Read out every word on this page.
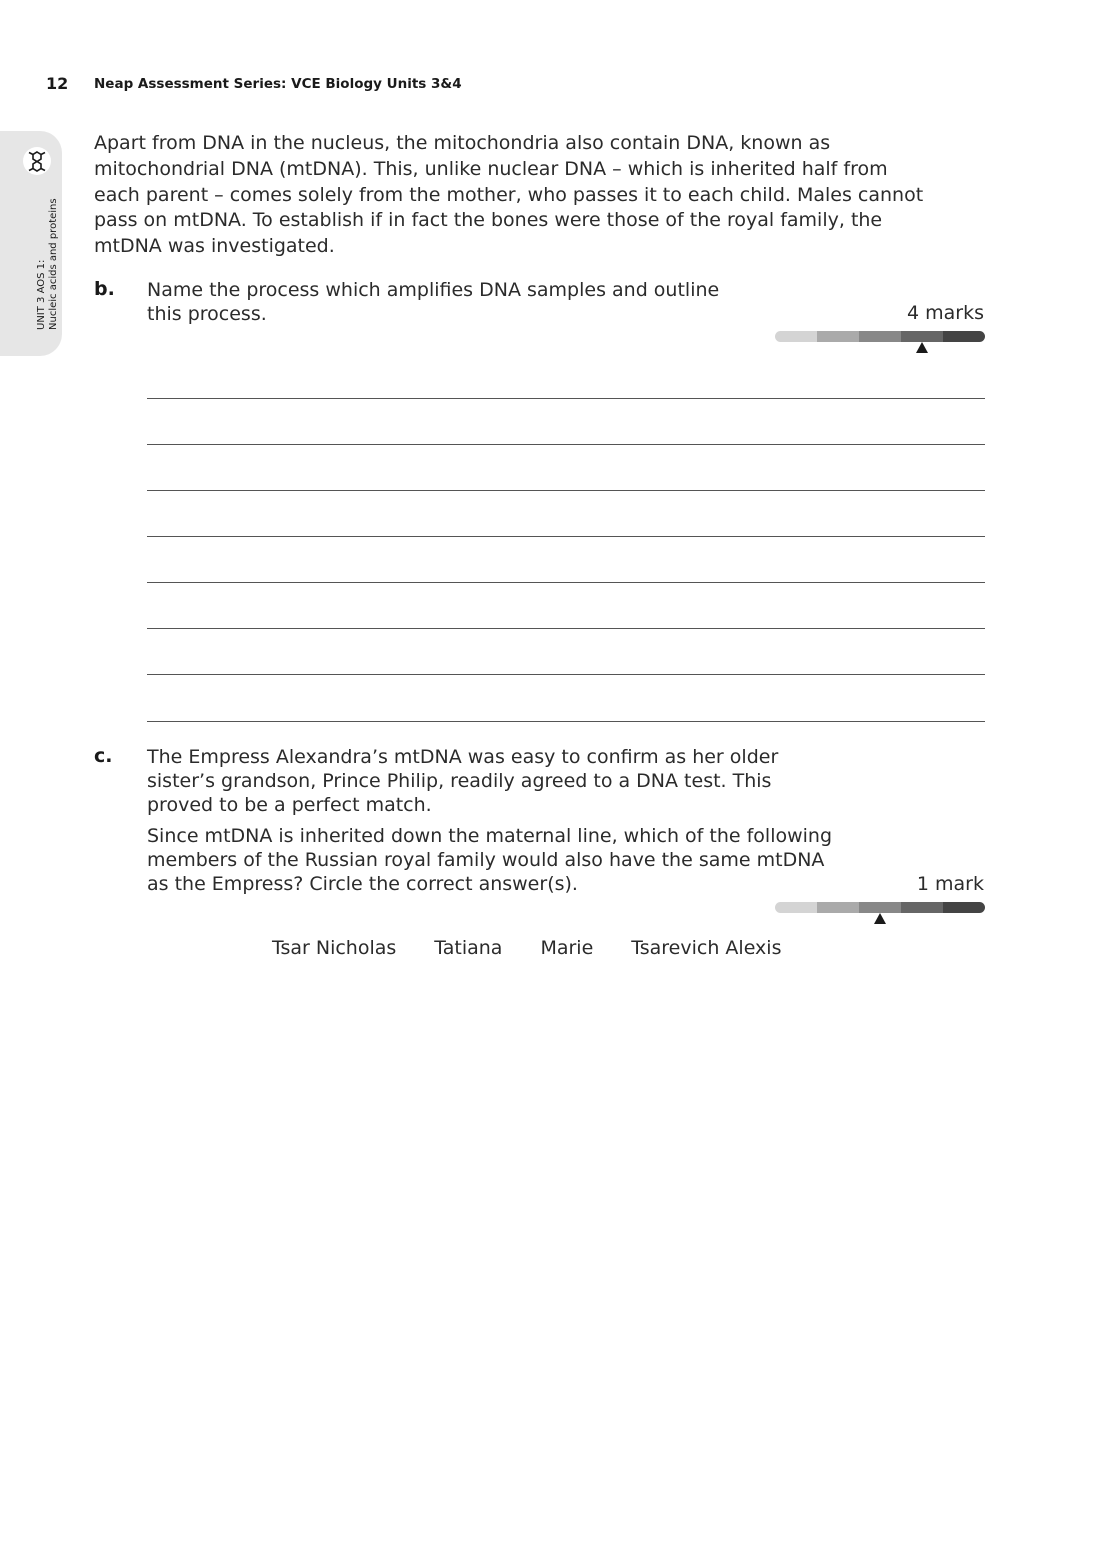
12 Neap Assessment Series: VCE Biology Units 3&4
UNIT 3 AOS 1: Nucleic acids and proteins
Apart from DNA in the nucleus, the mitochondria also contain DNA, known as
mitochondrial DNA (mtDNA). This, unlike nuclear DNA – which is inherited half from
each parent – comes solely from the mother, who passes it to each child. Males cannot
pass on mtDNA. To establish if in fact the bones were those of the royal family, the
mtDNA was investigated.
b. Name the process which amplifies DNA samples and outline
this process.	4 marks
c. The Empress Alexandra’s mtDNA was easy to confirm as her older
sister’s grandson, Prince Philip, readily agreed to a DNA test. This
proved to be a perfect match.
Since mtDNA is inherited down the maternal line, which of the following
members of the Russian royal family would also have the same mtDNA
as the Empress? Circle the correct answer(s).	1 mark
Tsar Nicholas Tatiana Marie Tsarevich Alexis
